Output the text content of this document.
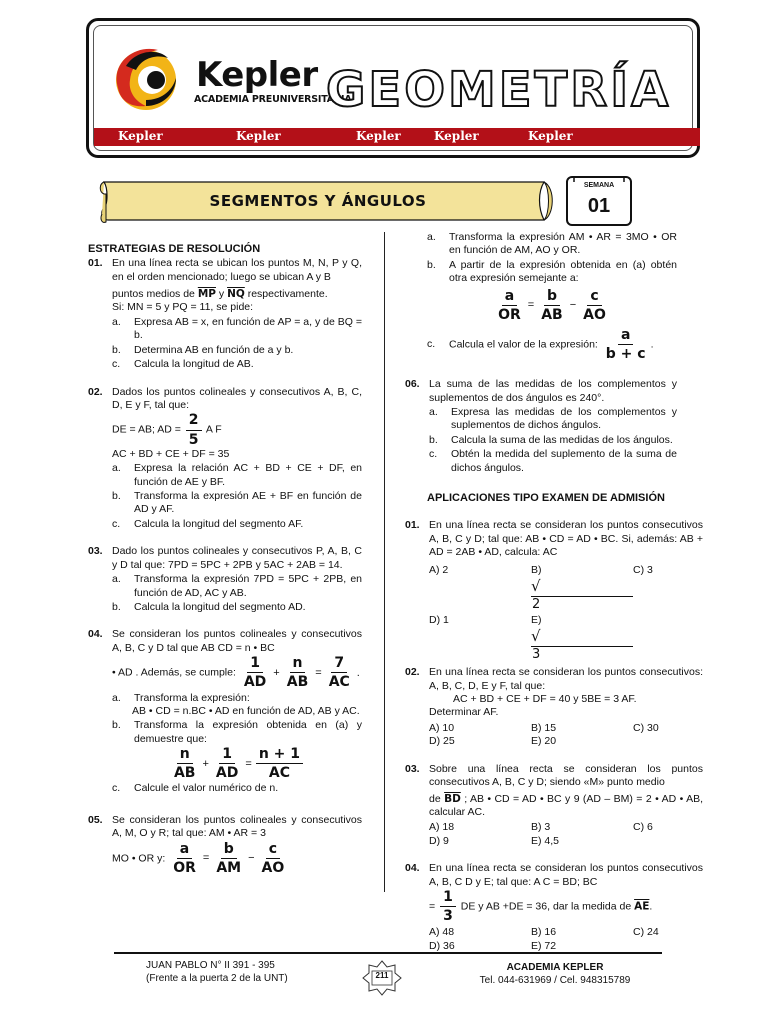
Kepler
ACADEMIA PREUNIVERSITARIA
GEOMETRÍA
Kepler	Kepler	Kepler	Kepler	Kepler
SEGMENTOS Y ÁNGULOS
SEMANA
01
ESTRATEGIAS DE RESOLUCIÓN
01. En una línea recta se ubican los puntos M, N, P y Q, en el orden mencionado; luego se ubican A y B
puntos medios de $\overline{MP}$ y $\overline{NQ}$ respectivamente.
Si: MN = 5 y PQ = 11, se pide:
a.	Expresa AB = x, en función de AP = a, y de BQ = b.
b.	Determina AB en función de a y b.
c.	Calcula la longitud de AB.
02. Dados los puntos colineales y consecutivos A, B, C, D, E y F, tal que:
DE = AB; AD = $\frac{2}{5}$ A F
AC + BD + CE + DF = 35
a.	Expresa la relación AC + BD + CE + DF, en función de AE y BF.
b.	Transforma la expresión AE + BF en función de AD y AF.
c.	Calcula la longitud del segmento AF.
03. Dado los puntos colineales y consecutivos P, A, B, C y D tal que: 7PD = 5PC + 2PB y 5AC + 2AB = 14.
a.	Transforma la expresión 7PD = 5PC + 2PB, en función de AD, AC y AB.
b.	Calcula la longitud del segmento AD.
04. Se consideran los puntos colineales y consecutivos A, B, C y D tal que AB CD = n • BC
• AD . Además, se cumple: $\frac{1}{AD} + \frac{n}{AB} = \frac{7}{AC}$ .
a.	Transforma la expresión:
AB • CD = n.BC • AD en función de AD, AB y AC.
b.	Transforma la expresión obtenida en (a) y demuestre que:
$\frac{n}{AB} + \frac{1}{AD} = \frac{n + 1}{AC}$
c.	Calcule el valor numérico de n.
05. Se consideran los puntos colineales y consecutivos A, M, O y R; tal que: AM • AR = 3
MO • OR y: $\frac{a}{OR} = \frac{b}{AM} - \frac{c}{AO}$
a.	Transforma la expresión AM • AR = 3MO • OR en función de AM, AO y OR.
b.	A partir de la expresión obtenida en (a) obtén otra expresión semejante a:
$\frac{a}{OR} = \frac{b}{AB} - \frac{c}{AO}$
c.	Calcula el valor de la expresión: $\frac{a}{b + c}$ .
06. La suma de las medidas de los complementos y suplementos de dos ángulos es 240°.
a.	Expresa las medidas de los complementos y suplementos de dichos ángulos.
b.	Calcula la suma de las medidas de los ángulos.
c.	Obtén la medida del suplemento de la suma de dichos ángulos.
APLICACIONES TIPO EXAMEN DE ADMISIÓN
01. En una línea recta se consideran los puntos consecutivos A, B, C y D; tal que: AB • CD = AD • BC. Si, además: AB + AD = 2AB • AD, calcula: AC
A) 2	B)
√
2
C) 3
D) 1	E)
√
3
02. En una línea recta se consideran los puntos consecutivos: A, B, C, D, E y F, tal que:
AC + BD + CE + DF = 40 y 5BE = 3 AF.
Determinar AF.
A) 10	B) 15	C) 30
D) 25	E) 20
03. Sobre una línea recta se consideran los puntos consecutivos A, B, C y D; siendo «M» punto medio
de $\overline{BD}$ ; AB • CD = AD • BC y 9 (AD – BM) = 2 • AD • AB, calcular AC.
A) 18	B) 3	C) 6
D) 9	E) 4,5
04. En una línea recta se consideran los puntos consecutivos A, B, C D y E; tal que: A C = BD; BC
= $\frac{1}{3}$ DE y AB +DE = 36, dar la medida de $\overline{AE}$.
A) 48	B) 16	C) 24
D) 36	E) 72
JUAN PABLO N° II 391 - 395
(Frente a la puerta 2 de la UNT)	211
ACADEMIA KEPLER
Tel. 044-631969 / Cel. 948315789
